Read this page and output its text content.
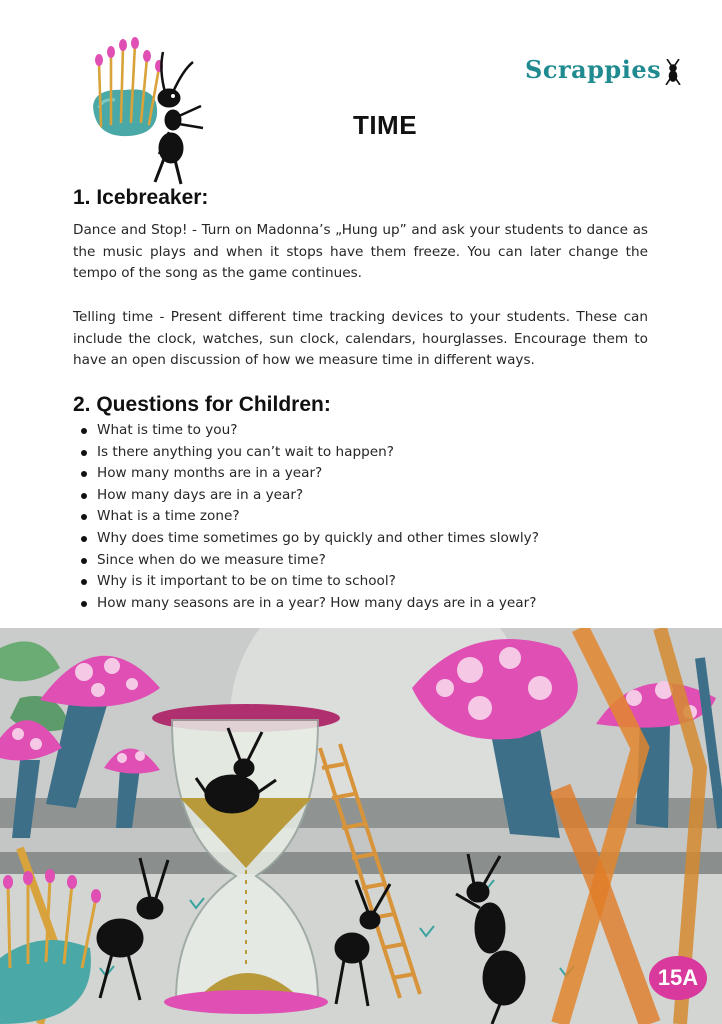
Scrappies
TIME
1. Icebreaker:

Dance and Stop! - Turn on Madonna’s „Hung up” and ask your students to dance as the music plays and when it stops have them freeze. You can later change the tempo of the song as the game continues.

Telling time - Present different time tracking devices to your students. These can include the clock, watches, sun clock, calendars, hourglasses. Encourage them to have an open discussion of how we measure time in different ways.

2. Questions for Children:
What is time to you?
Is there anything you can’t wait to happen?
How many months are in a year?
How many days are in a year?
What is a time zone?
Why does time sometimes go by quickly and other times slowly?
Since when do we measure time?
Why is it important to be on time to school?
How many seasons are in a year? How many days are in a year?
15A
